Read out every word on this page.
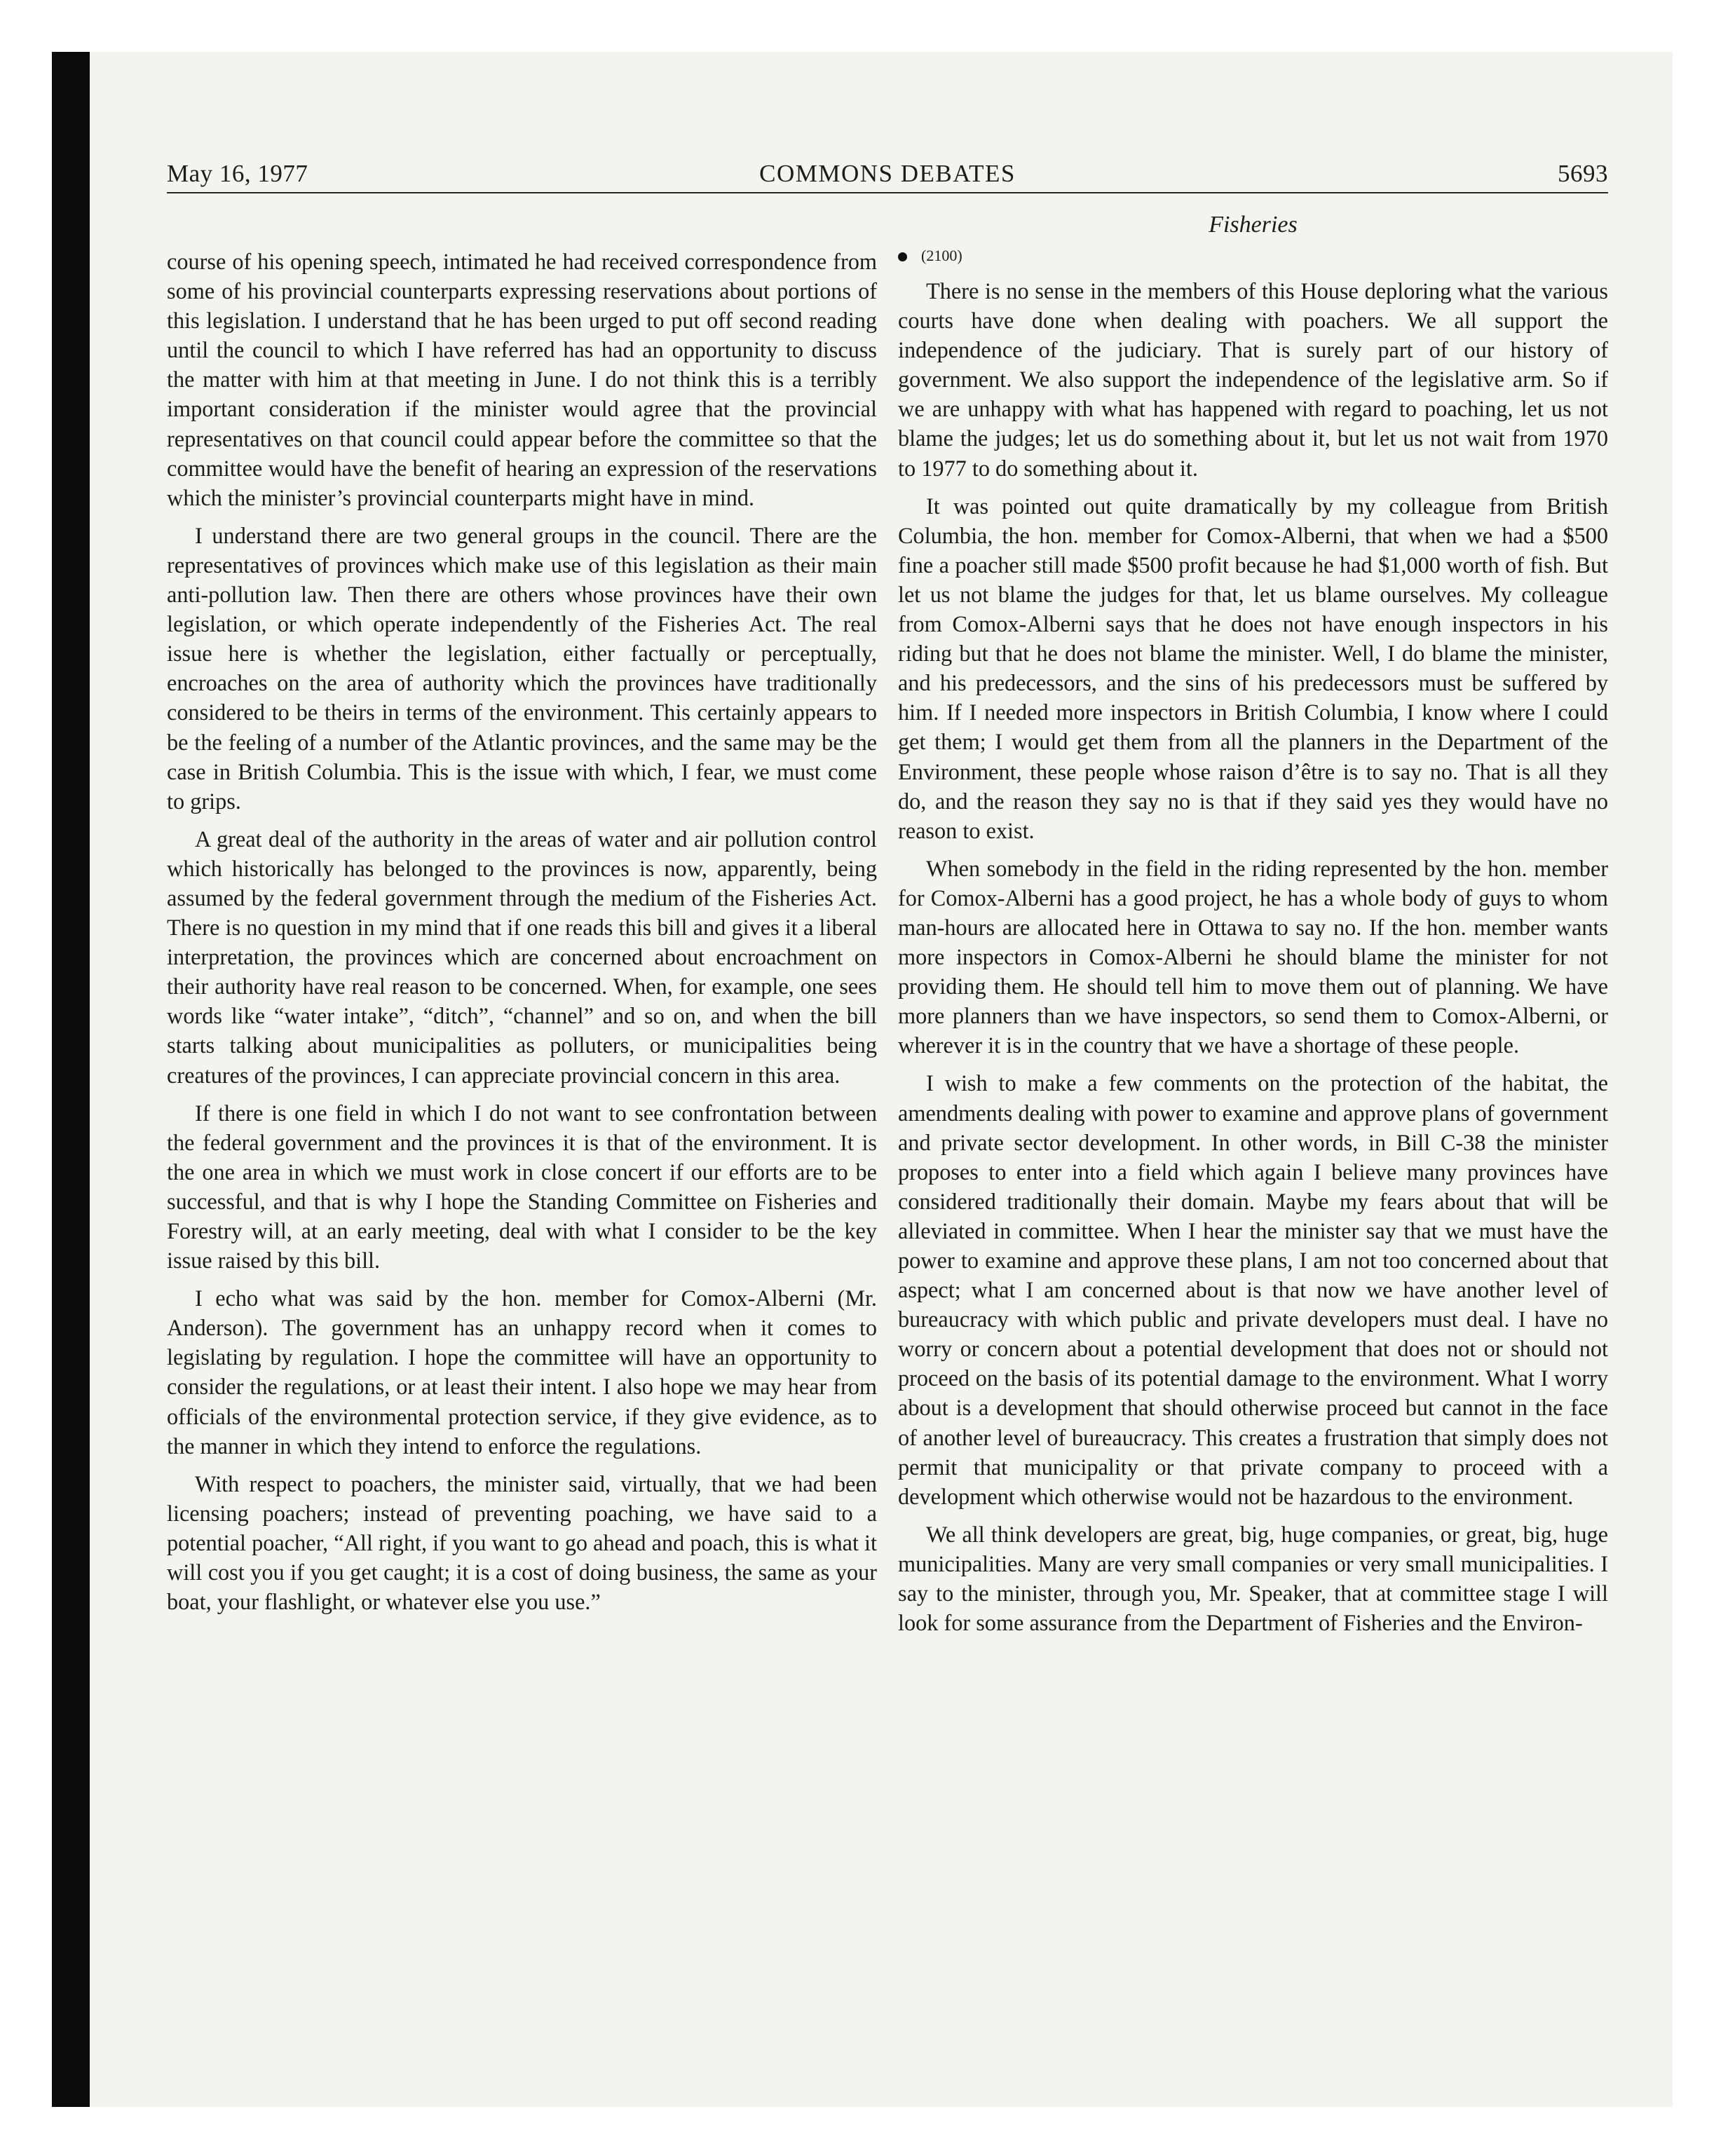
May 16, 1977	COMMONS DEBATES	5693

course of his opening speech, intimated he had received correspondence from some of his provincial counterparts expressing reservations about portions of this legislation. I understand that he has been urged to put off second reading until the council to which I have referred has had an opportunity to discuss the matter with him at that meeting in June. I do not think this is a terribly important consideration if the minister would agree that the provincial representatives on that council could appear before the committee so that the committee would have the benefit of hearing an expression of the reservations which the minister’s provincial counterparts might have in mind.

I understand there are two general groups in the council. There are the representatives of provinces which make use of this legislation as their main anti-pollution law. Then there are others whose provinces have their own legislation, or which operate independently of the Fisheries Act. The real issue here is whether the legislation, either factually or perceptually, encroaches on the area of authority which the provinces have traditionally considered to be theirs in terms of the environment. This certainly appears to be the feeling of a number of the Atlantic provinces, and the same may be the case in British Columbia. This is the issue with which, I fear, we must come to grips.

A great deal of the authority in the areas of water and air pollution control which historically has belonged to the provinces is now, apparently, being assumed by the federal government through the medium of the Fisheries Act. There is no question in my mind that if one reads this bill and gives it a liberal interpretation, the provinces which are concerned about encroachment on their authority have real reason to be concerned. When, for example, one sees words like “water intake”, “ditch”, “channel” and so on, and when the bill starts talking about municipalities as polluters, or municipalities being creatures of the provinces, I can appreciate provincial concern in this area.

If there is one field in which I do not want to see confrontation between the federal government and the provinces it is that of the environment. It is the one area in which we must work in close concert if our efforts are to be successful, and that is why I hope the Standing Committee on Fisheries and Forestry will, at an early meeting, deal with what I consider to be the key issue raised by this bill.

I echo what was said by the hon. member for Comox-Alberni (Mr. Anderson). The government has an unhappy record when it comes to legislating by regulation. I hope the committee will have an opportunity to consider the regulations, or at least their intent. I also hope we may hear from officials of the environmental protection service, if they give evidence, as to the manner in which they intend to enforce the regulations.

With respect to poachers, the minister said, virtually, that we had been licensing poachers; instead of preventing poaching, we have said to a potential poacher, “All right, if you want to go ahead and poach, this is what it will cost you if you get caught; it is a cost of doing business, the same as your boat, your flashlight, or whatever else you use.”

Fisheries
(2100)

There is no sense in the members of this House deploring what the various courts have done when dealing with poachers. We all support the independence of the judiciary. That is surely part of our history of government. We also support the independence of the legislative arm. So if we are unhappy with what has happened with regard to poaching, let us not blame the judges; let us do something about it, but let us not wait from 1970 to 1977 to do something about it.

It was pointed out quite dramatically by my colleague from British Columbia, the hon. member for Comox-Alberni, that when we had a $500 fine a poacher still made $500 profit because he had $1,000 worth of fish. But let us not blame the judges for that, let us blame ourselves. My colleague from Comox-Alberni says that he does not have enough inspectors in his riding but that he does not blame the minister. Well, I do blame the minister, and his predecessors, and the sins of his predecessors must be suffered by him. If I needed more inspectors in British Columbia, I know where I could get them; I would get them from all the planners in the Department of the Environment, these people whose raison d’être is to say no. That is all they do, and the reason they say no is that if they said yes they would have no reason to exist.

When somebody in the field in the riding represented by the hon. member for Comox-Alberni has a good project, he has a whole body of guys to whom man-hours are allocated here in Ottawa to say no. If the hon. member wants more inspectors in Comox-Alberni he should blame the minister for not providing them. He should tell him to move them out of planning. We have more planners than we have inspectors, so send them to Comox-Alberni, or wherever it is in the country that we have a shortage of these people.

I wish to make a few comments on the protection of the habitat, the amendments dealing with power to examine and approve plans of government and private sector development. In other words, in Bill C-38 the minister proposes to enter into a field which again I believe many provinces have considered traditionally their domain. Maybe my fears about that will be alleviated in committee. When I hear the minister say that we must have the power to examine and approve these plans, I am not too concerned about that aspect; what I am concerned about is that now we have another level of bureaucracy with which public and private developers must deal. I have no worry or concern about a potential development that does not or should not proceed on the basis of its potential damage to the environment. What I worry about is a development that should otherwise proceed but cannot in the face of another level of bureaucracy. This creates a frustration that simply does not permit that municipality or that private company to proceed with a development which otherwise would not be hazardous to the environment.

We all think developers are great, big, huge companies, or great, big, huge municipalities. Many are very small companies or very small municipalities. I say to the minister, through you, Mr. Speaker, that at committee stage I will look for some assurance from the Department of Fisheries and the Environ-
